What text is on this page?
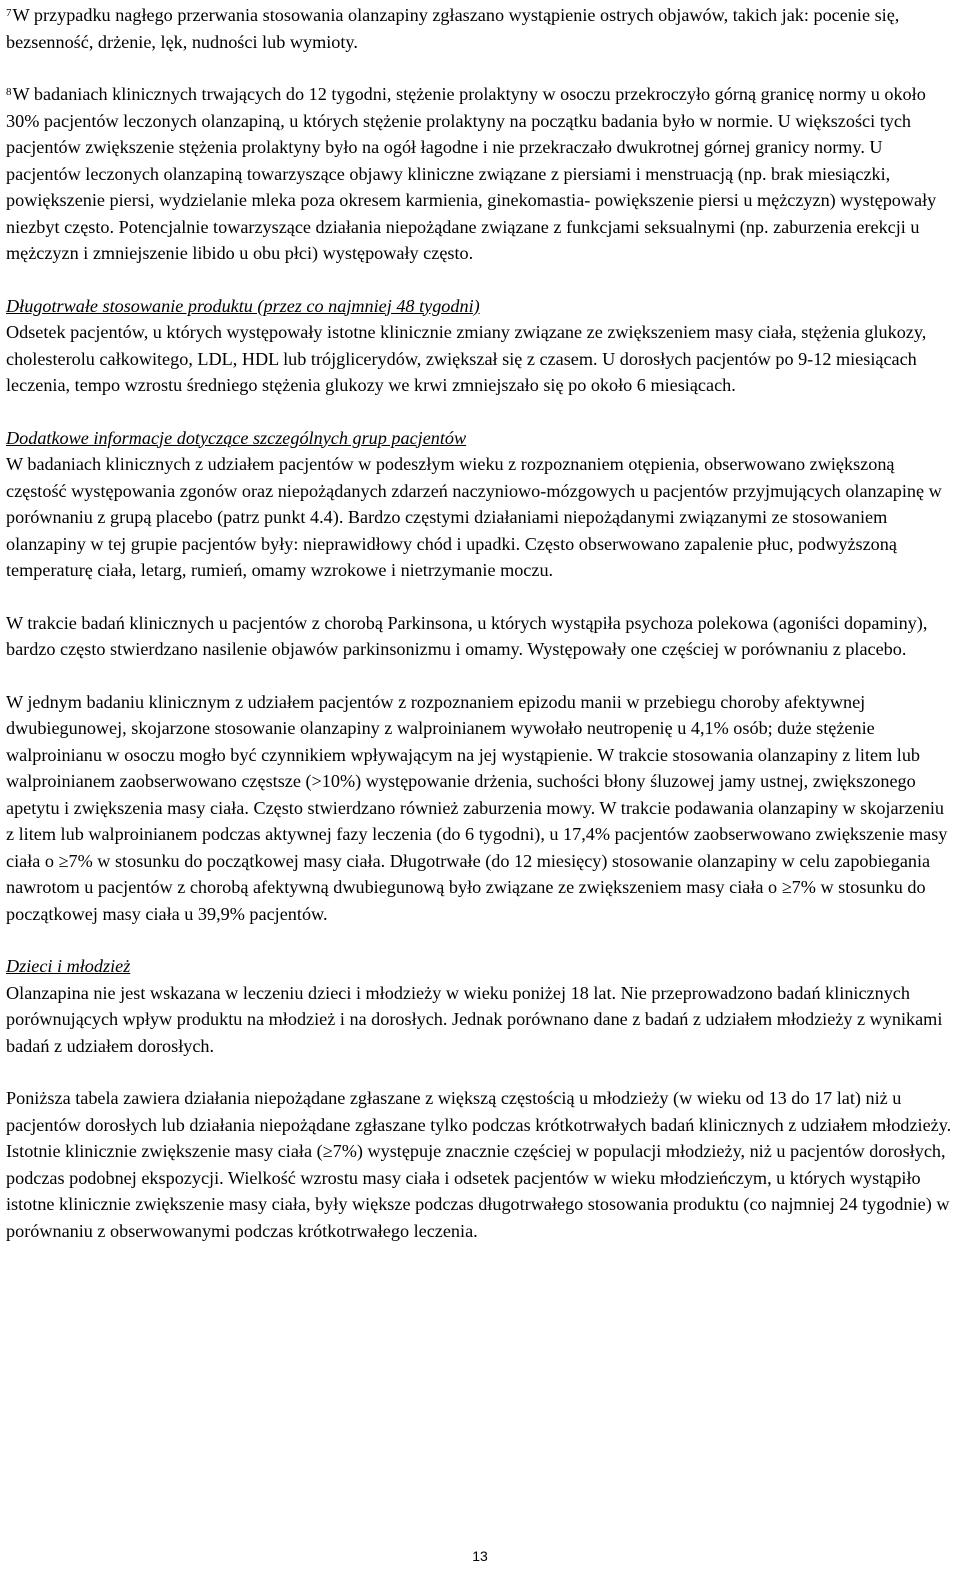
$^7$W przypadku nagłego przerwania stosowania olanzapiny zgłaszano wystąpienie ostrych objawów, takich jak: pocenie się, bezsenność, drżenie, lęk, nudności lub wymioty.

$^8$W badaniach klinicznych trwających do 12 tygodni, stężenie prolaktyny w osoczu przekroczyło górną granicę normy u około 30% pacjentów leczonych olanzapiną, u których stężenie prolaktyny na początku badania było w normie. U większości tych pacjentów zwiększenie stężenia prolaktyny było na ogół łagodne i nie przekraczało dwukrotnej górnej granicy normy. U pacjentów leczonych olanzapiną towarzyszące objawy kliniczne związane z piersiami i menstruacją (np. brak miesiączki, powiększenie piersi, wydzielanie mleka poza okresem karmienia, ginekomastia- powiększenie piersi u mężczyzn) występowały niezbyt często. Potencjalnie towarzyszące działania niepożądane związane z funkcjami seksualnymi (np. zaburzenia erekcji u mężczyzn i zmniejszenie libido u obu płci) występowały często.

Długotrwałe stosowanie produktu (przez co najmniej 48 tygodni)

Odsetek pacjentów, u których występowały istotne klinicznie zmiany związane ze zwiększeniem masy ciała, stężenia glukozy, cholesterolu całkowitego, LDL, HDL lub trójglicerydów, zwiększał się z czasem. U dorosłych pacjentów po 9-12 miesiącach leczenia, tempo wzrostu średniego stężenia glukozy we krwi zmniejszało się po około 6 miesiącach.

Dodatkowe informacje dotyczące szczególnych grup pacjentów

W badaniach klinicznych z udziałem pacjentów w podeszłym wieku z rozpoznaniem otępienia, obserwowano zwiększoną częstość występowania zgonów oraz niepożądanych zdarzeń naczyniowo-mózgowych u pacjentów przyjmujących olanzapinę w porównaniu z grupą placebo (patrz punkt 4.4). Bardzo częstymi działaniami niepożądanymi związanymi ze stosowaniem olanzapiny w tej grupie pacjentów były: nieprawidłowy chód i upadki. Często obserwowano zapalenie płuc, podwyższoną temperaturę ciała, letarg, rumień, omamy wzrokowe i nietrzymanie moczu.

W trakcie badań klinicznych u pacjentów z chorobą Parkinsona, u których wystąpiła psychoza polekowa (agoniści dopaminy), bardzo często stwierdzano nasilenie objawów parkinsonizmu i omamy. Występowały one częściej w porównaniu z placebo.

W jednym badaniu klinicznym z udziałem pacjentów z rozpoznaniem epizodu manii w przebiegu choroby afektywnej dwubiegunowej, skojarzone stosowanie olanzapiny z walproinianem wywołało neutropenię u 4,1% osób; duże stężenie walproinianu w osoczu mogło być czynnikiem wpływającym na jej wystąpienie. W trakcie stosowania olanzapiny z litem lub walproinianem zaobserwowano częstsze (>10%) występowanie drżenia, suchości błony śluzowej jamy ustnej, zwiększonego apetytu i zwiększenia masy ciała. Często stwierdzano również zaburzenia mowy. W trakcie podawania olanzapiny w skojarzeniu z litem lub walproinianem podczas aktywnej fazy leczenia (do 6 tygodni), u 17,4% pacjentów zaobserwowano zwiększenie masy ciała o ≥7% w stosunku do początkowej masy ciała. Długotrwałe (do 12 miesięcy) stosowanie olanzapiny w celu zapobiegania nawrotom u pacjentów z chorobą afektywną dwubiegunową było związane ze zwiększeniem masy ciała o ≥7% w stosunku do początkowej masy ciała u 39,9% pacjentów.

Dzieci i młodzież

Olanzapina nie jest wskazana w leczeniu dzieci i młodzieży w wieku poniżej 18 lat. Nie przeprowadzono badań klinicznych porównujących wpływ produktu na młodzież i na dorosłych. Jednak porównano dane z badań z udziałem młodzieży z wynikami badań z udziałem dorosłych.

Poniższa tabela zawiera działania niepożądane zgłaszane z większą częstością u młodzieży (w wieku od 13 do 17 lat) niż u pacjentów dorosłych lub działania niepożądane zgłaszane tylko podczas krótkotrwałych badań klinicznych z udziałem młodzieży. Istotnie klinicznie zwiększenie masy ciała (≥7%) występuje znacznie częściej w populacji młodzieży, niż u pacjentów dorosłych, podczas podobnej ekspozycji. Wielkość wzrostu masy ciała i odsetek pacjentów w wieku młodzieńczym, u których wystąpiło istotne klinicznie zwiększenie masy ciała, były większe podczas długotrwałego stosowania produktu (co najmniej 24 tygodnie) w porównaniu z obserwowanymi podczas krótkotrwałego leczenia.

13
